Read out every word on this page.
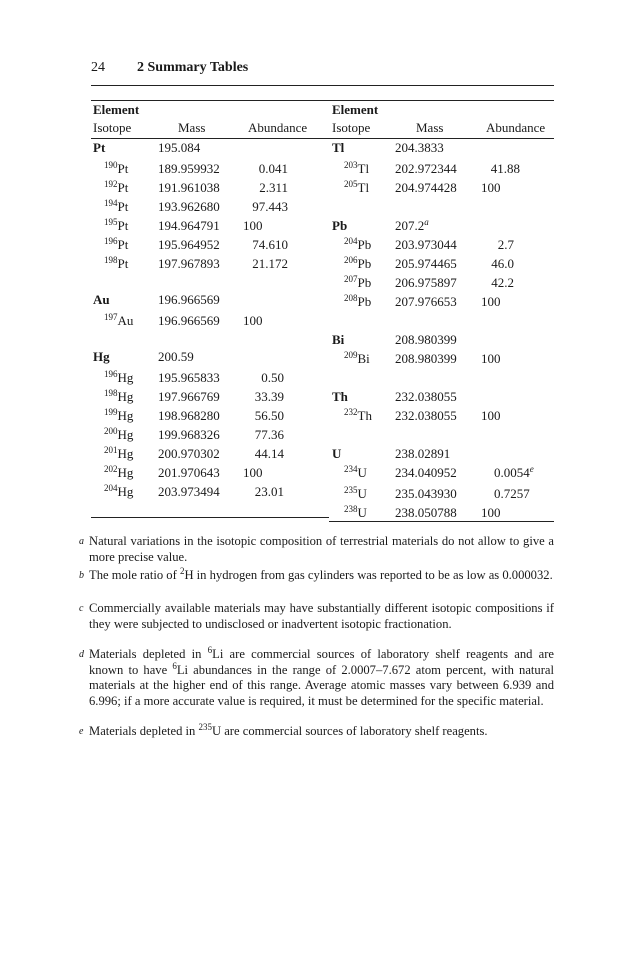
24 2 Summary Tables
Element
Isotope	Mass	Abundance
Element
Isotope	Mass	Abundance
Pt	195.084
$^{190}$Pt 189.959932	0.041
$^{192}$Pt 191.961038	2.311
$^{194}$Pt 193.962680	97.443
$^{195}$Pt 194.964791 100
$^{196}$Pt 195.964952	74.610
$^{198}$Pt 197.967893	21.172
Au	196.966569
$^{197}$Au 196.966569 100
Hg	200.59
$^{196}$Hg 195.965833	0.50
$^{198}$Hg 197.966769	33.39
$^{199}$Hg 198.968280	56.50
$^{200}$Hg 199.968326	77.36
$^{201}$Hg 200.970302	44.14
$^{202}$Hg 201.970643 100
$^{204}$Hg 203.973494	23.01
Tl	204.3833
$^{203}$Tl 202.972344	41.88
$^{205}$Tl 204.974428 100
Pb	207.2$^a$
$^{204}$Pb 203.973044	2.7
$^{206}$Pb 205.974465	46.0
$^{207}$Pb 206.975897	42.2
$^{208}$Pb 207.976653 100
Bi	208.980399
$^{209}$Bi 208.980399 100
Th	232.038055
$^{232}$Th 232.038055 100
U	238.02891
$^{234}$U 234.040952	0.0054e
$^{235}$U 235.043930	0.7257
$^{238}$U 238.050788 100
a Natural variations in the isotopic composition of terrestrial materials do not allow to give a more precise value.
b The mole ratio of $^2$H in hydrogen from gas cylinders was reported to be as low as 0.000032.
c Commercially available materials may have substantially different isotopic compositions if they were subjected to undisclosed or inadvertent isotopic fractionation.
d Materials depleted in $^6$Li are commercial sources of laboratory shelf reagents and are known to have $^6$Li abundances in the range of 2.0007–7.672 atom percent, with natural materials at the higher end of this range. Average atomic masses vary between 6.939 and 6.996; if a more accurate value is required, it must be determined for the specific material.
e Materials depleted in $^{235}$U are commercial sources of laboratory shelf reagents.
